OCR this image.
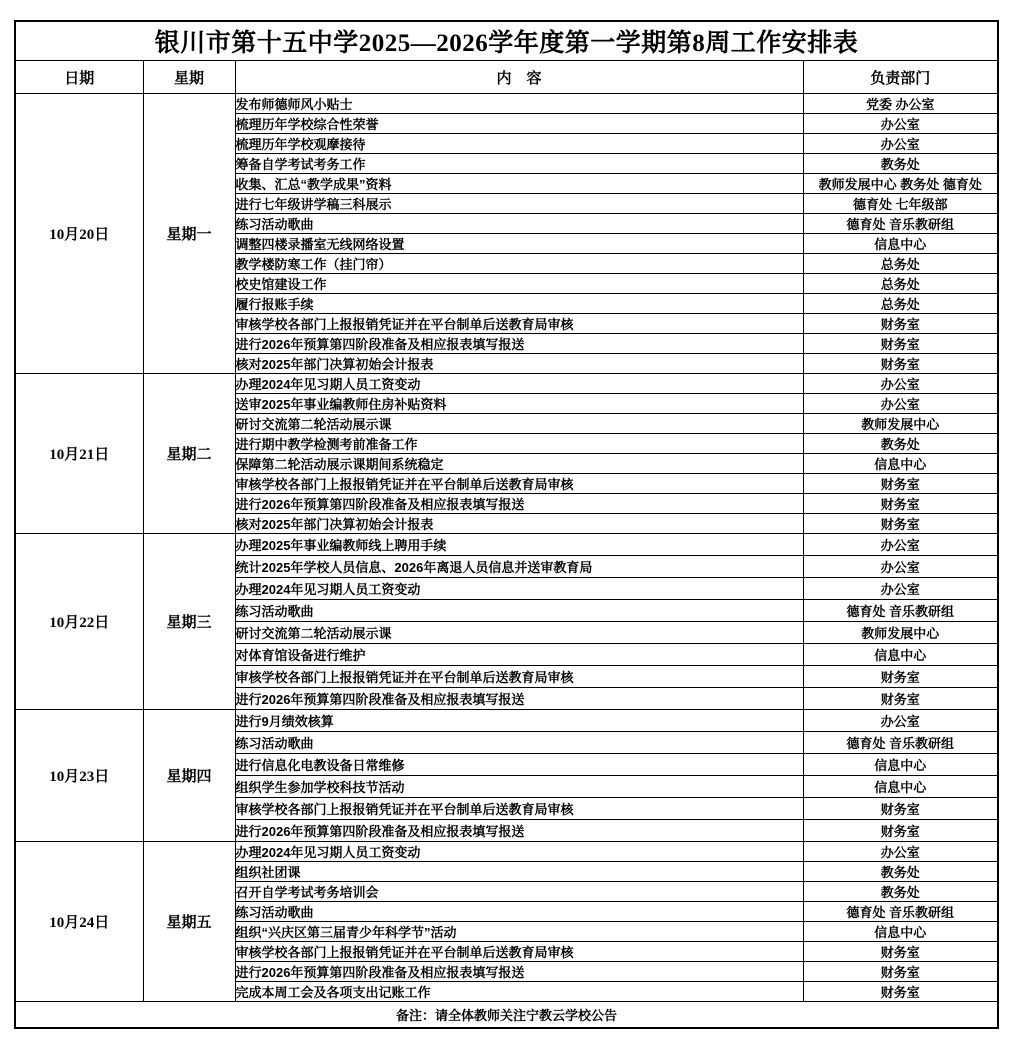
银川市第十五中学2025—2026学年度第一学期第8周工作安排表			
日期	星期	内　容	负责部门
10月20日	星期一	发布师德师风小贴士	党委 办公室
		梳理历年学校综合性荣誉	办公室
		梳理历年学校观摩接待	办公室
		筹备自学考试考务工作	教务处
		收集、汇总“教学成果”资料	教师发展中心 教务处 德育处
		进行七年级讲学稿三科展示	德育处 七年级部
		练习活动歌曲	德育处 音乐教研组
		调整四楼录播室无线网络设置	信息中心
		教学楼防寒工作（挂门帘）	总务处
		校史馆建设工作	总务处
		履行报账手续	总务处
		审核学校各部门上报报销凭证并在平台制单后送教育局审核	财务室
		进行2026年预算第四阶段准备及相应报表填写报送	财务室
		核对2025年部门决算初始会计报表	财务室
10月21日	星期二	办理2024年见习期人员工资变动	办公室
		送审2025年事业编教师住房补贴资料	办公室
		研讨交流第二轮活动展示课	教师发展中心
		进行期中教学检测考前准备工作	教务处
		保障第二轮活动展示课期间系统稳定	信息中心
		审核学校各部门上报报销凭证并在平台制单后送教育局审核	财务室
		进行2026年预算第四阶段准备及相应报表填写报送	财务室
		核对2025年部门决算初始会计报表	财务室
10月22日	星期三	办理2025年事业编教师线上聘用手续	办公室
		统计2025年学校人员信息、2026年离退人员信息并送审教育局	办公室
		办理2024年见习期人员工资变动	办公室
		练习活动歌曲	德育处 音乐教研组
		研讨交流第二轮活动展示课	教师发展中心
		对体育馆设备进行维护	信息中心
		审核学校各部门上报报销凭证并在平台制单后送教育局审核	财务室
		进行2026年预算第四阶段准备及相应报表填写报送	财务室
10月23日	星期四	进行9月绩效核算	办公室
		练习活动歌曲	德育处 音乐教研组
		进行信息化电教设备日常维修	信息中心
		组织学生参加学校科技节活动	信息中心
		审核学校各部门上报报销凭证并在平台制单后送教育局审核	财务室
		进行2026年预算第四阶段准备及相应报表填写报送	财务室
10月24日	星期五	办理2024年见习期人员工资变动	办公室
		组织社团课	教务处
		召开自学考试考务培训会	教务处
		练习活动歌曲	德育处 音乐教研组
		组织“兴庆区第三届青少年科学节”活动	信息中心
		审核学校各部门上报报销凭证并在平台制单后送教育局审核	财务室
		进行2026年预算第四阶段准备及相应报表填写报送	财务室
		完成本周工会及各项支出记账工作	财务室
备注：请全体教师关注宁教云学校公告			
